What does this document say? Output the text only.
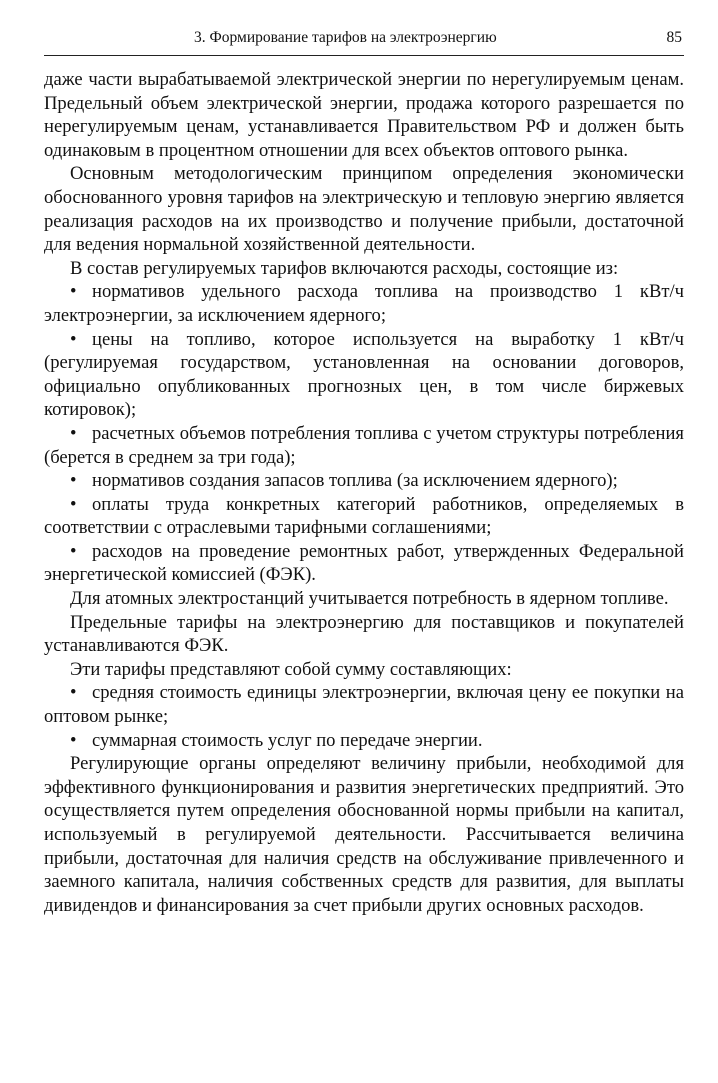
3. Формирование тарифов на электроэнергию	85

даже части вырабатываемой электрической энергии по нерегулируемым ценам. Предельный объем электрической энергии, продажа которого разрешается по нерегулируемым ценам, устанавливается Правительством РФ и должен быть одинаковым в процентном отношении для всех объектов оптового рынка.

Основным методологическим принципом определения экономически обоснованного уровня тарифов на электрическую и тепловую энергию является реализация расходов на их производство и получение прибыли, достаточной для ведения нормальной хозяйственной деятельности.

В состав регулируемых тарифов включаются расходы, состоящие из:

• нормативов удельного расхода топлива на производство 1 кВт/ч электроэнергии, за исключением ядерного;

• цены на топливо, которое используется на выработку 1 кВт/ч (регулируемая государством, установленная на основании договоров, официально опубликованных прогнозных цен, в том числе биржевых котировок);

• расчетных объемов потребления топлива с учетом структуры потребления (берется в среднем за три года);

• нормативов создания запасов топлива (за исключением ядерного);

• оплаты труда конкретных категорий работников, определяемых в соответствии с отраслевыми тарифными соглашениями;

• расходов на проведение ремонтных работ, утвержденных Федеральной энергетической комиссией (ФЭК).

Для атомных электростанций учитывается потребность в ядерном топливе.

Предельные тарифы на электроэнергию для поставщиков и покупателей устанавливаются ФЭК.

Эти тарифы представляют собой сумму составляющих:

• средняя стоимость единицы электроэнергии, включая цену ее покупки на оптовом рынке;

• суммарная стоимость услуг по передаче энергии.

Регулирующие органы определяют величину прибыли, необходимой для эффективного функционирования и развития энергетических предприятий. Это осуществляется путем определения обоснованной нормы прибыли на капитал, используемый в регулируемой деятельности. Рассчитывается величина прибыли, достаточная для наличия средств на обслуживание привлеченного и заемного капитала, наличия собственных средств для развития, для выплаты дивидендов и финансирования за счет прибыли других основных расходов.
